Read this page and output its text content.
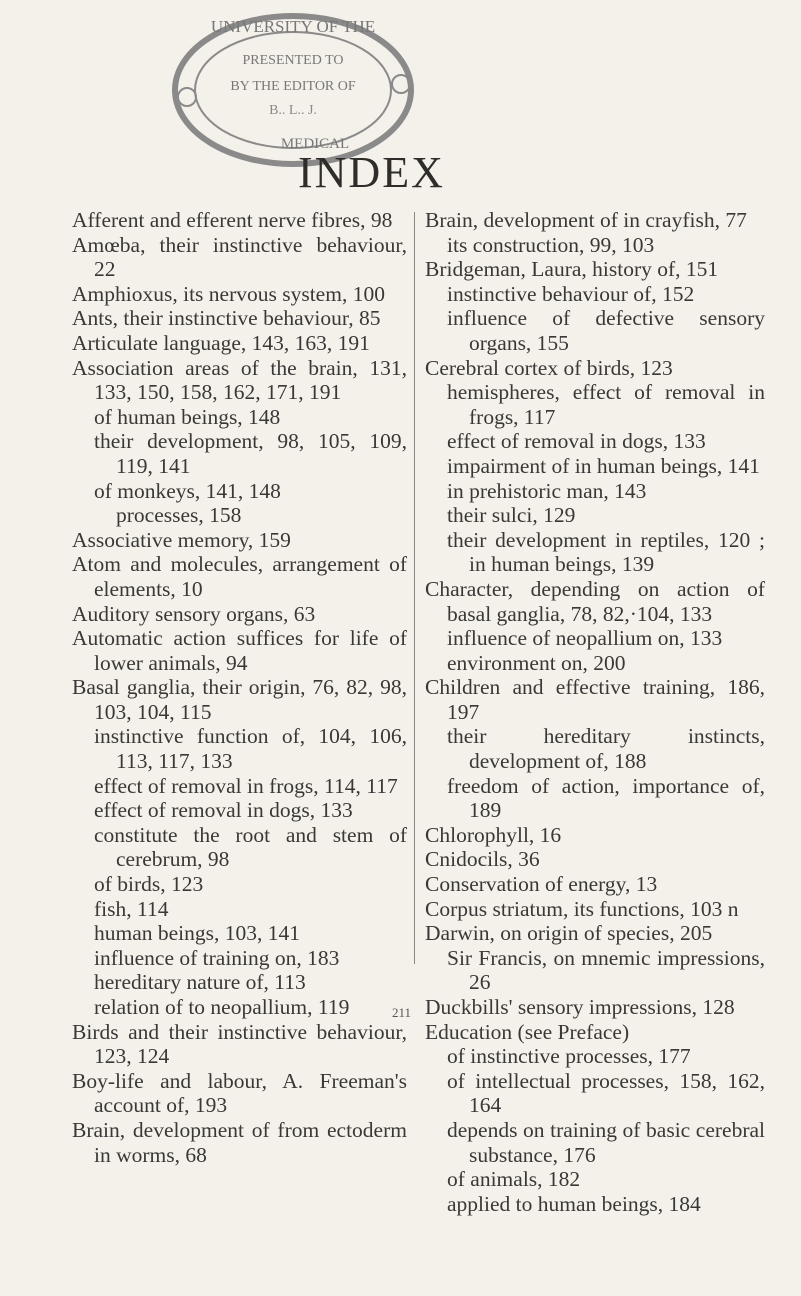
UNIVERSITY OF THE
PRESENTED TO
BY THE EDITOR OF
B.. L.. J.
MEDICAL
INDEX
Afferent and efferent nerve fibres, 98
Amœba, their instinctive behaviour, 22
Amphioxus, its nervous system, 100
Ants, their instinctive behaviour, 85
Articulate language, 143, 163, 191
Association areas of the brain, 131, 133, 150, 158, 162, 171, 191
of human beings, 148
their development, 98, 105, 109, 119, 141
of monkeys, 141, 148
processes, 158
Associative memory, 159
Atom and molecules, arrangement of elements, 10
Auditory sensory organs, 63
Automatic action suffices for life of lower animals, 94
Basal ganglia, their origin, 76, 82, 98, 103, 104, 115
instinctive function of, 104, 106, 113, 117, 133
effect of removal in frogs, 114, 117
effect of removal in dogs, 133
constitute the root and stem of cerebrum, 98
of birds, 123
fish, 114
human beings, 103, 141
influence of training on, 183
hereditary nature of, 113
relation of to neopallium, 119
Birds and their instinctive behaviour, 123, 124
Boy-life and labour, A. Freeman's account of, 193
Brain, development of from ectoderm in worms, 68
Brain, development of in crayfish, 77
its construction, 99, 103
Bridgeman, Laura, history of, 151
instinctive behaviour of, 152
influence of defective sensory organs, 155
Cerebral cortex of birds, 123
hemispheres, effect of removal in frogs, 117
effect of removal in dogs, 133
impairment of in human beings, 141
in prehistoric man, 143
their sulci, 129
their development in reptiles, 120 ; in human beings, 139
Character, depending on action of basal ganglia, 78, 82,·104, 133
influence of neopallium on, 133
environment on, 200
Children and effective training, 186, 197
their hereditary instincts, development of, 188
freedom of action, importance of, 189
Chlorophyll, 16
Cnidocils, 36
Conservation of energy, 13
Corpus striatum, its functions, 103 n
Darwin, on origin of species, 205
Sir Francis, on mnemic impressions, 26
Duckbills' sensory impressions, 128
Education (see Preface)
of instinctive processes, 177
of intellectual processes, 158, 162, 164
depends on training of basic cerebral substance, 176
of animals, 182
applied to human beings, 184
211
